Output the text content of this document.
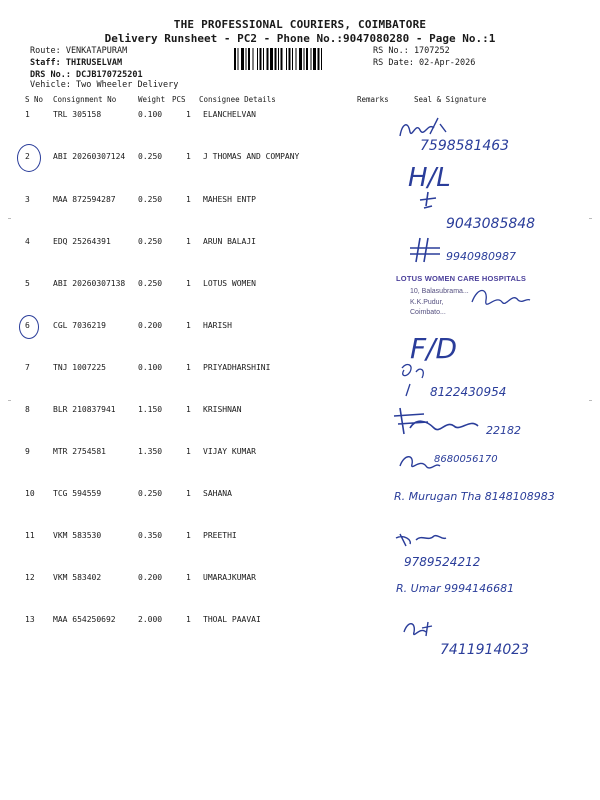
THE PROFESSIONAL COURIERS, COIMBATORE
Delivery Runsheet - PC2 - Phone No.:9047080280 - Page No.:1
Route: VENKATAPURAM
Staff: THIRUSELVAM
DRS No.: DCJB170725201
RS No.: 1707252
RS Date: 02-Apr-2026
Vehicle: Two Wheeler Delivery
S No Consignment No	Weight PCS Consignee Details	Remarks	Seal & Signature
1	TRL 305158	0.100	1 ELANCHELVAN
2	ABI 20260307124 0.250	1 J THOMAS AND COMPANY
3	MAA 872594287	0.250	1 MAHESH ENTP
4	EDQ 25264391	0.250	1 ARUN BALAJI
5	ABI 20260307138 0.250	1 LOTUS WOMEN
6	CGL 7036219	0.200	1 HARISH
7	TNJ 1007225	0.100	1 PRIYADHARSHINI
8	BLR 210837941	1.150	1 KRISHNAN
9	MTR 2754581	1.350	1 VIJAY KUMAR
10 TCG 594559	0.250	1 SAHANA
11 VKM 583530	0.350	1 PREETHI
12 VKM 583402	0.200	1 UMARAJKUMAR
13 MAA 654250692	2.000	1 THOAL PAAVAI
7598581463
H/L
9043085848
9940980987
LOTUS WOMEN CARE HOSPITALS
10, Balasubrama...
K.K.Pudur,
Coimbato...
F/D
8122430954
22182
8680056170
R. Murugan Tha 8148108983
9789524212
R. Umar 9994146681
7411914023
